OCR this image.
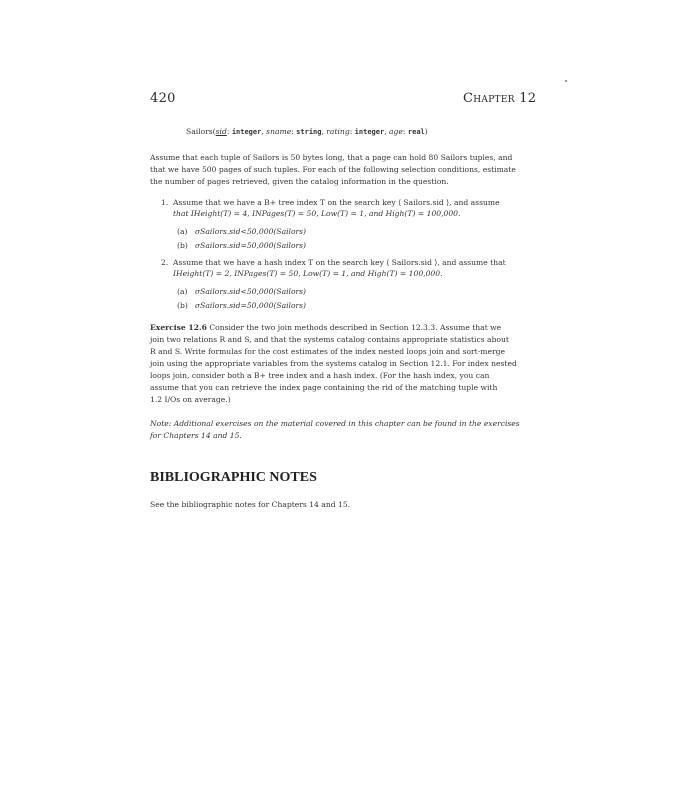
420	Chapter 12
Sailors(sid: integer, sname: string, rating: integer, age: real)
Assume that each tuple of Sailors is 50 bytes long, that a page can hold 80 Sailors tuples, and
that we have 500 pages of such tuples. For each of the following selection conditions, estimate
the number of pages retrieved, given the catalog information in the question.
1. Assume that we have a B+ tree index T on the search key ⟨ Sailors.sid ⟩, and assume
that IHeight(T) = 4, INPages(T) = 50, Low(T) = 1, and High(T) = 100,000.
(a) σSailors.sid<50,000(Sailors)
(b) σSailors.sid=50,000(Sailors)
2. Assume that we have a hash index T on the search key ⟨ Sailors.sid ⟩, and assume that
IHeight(T) = 2, INPages(T) = 50, Low(T) = 1, and High(T) = 100,000.
(a) σSailors.sid<50,000(Sailors)
(b) σSailors.sid=50,000(Sailors)
Exercise 12.6 Consider the two join methods described in Section 12.3.3. Assume that we
join two relations R and S, and that the systems catalog contains appropriate statistics about
R and S. Write formulas for the cost estimates of the index nested loops join and sort-merge
join using the appropriate variables from the systems catalog in Section 12.1. For index nested
loops join, consider both a B+ tree index and a hash index. (For the hash index, you can
assume that you can retrieve the index page containing the rid of the matching tuple with
1.2 I/Os on average.)
Note: Additional exercises on the material covered in this chapter can be found in the exercises
for Chapters 14 and 15.
BIBLIOGRAPHIC NOTES
See the bibliographic notes for Chapters 14 and 15.
